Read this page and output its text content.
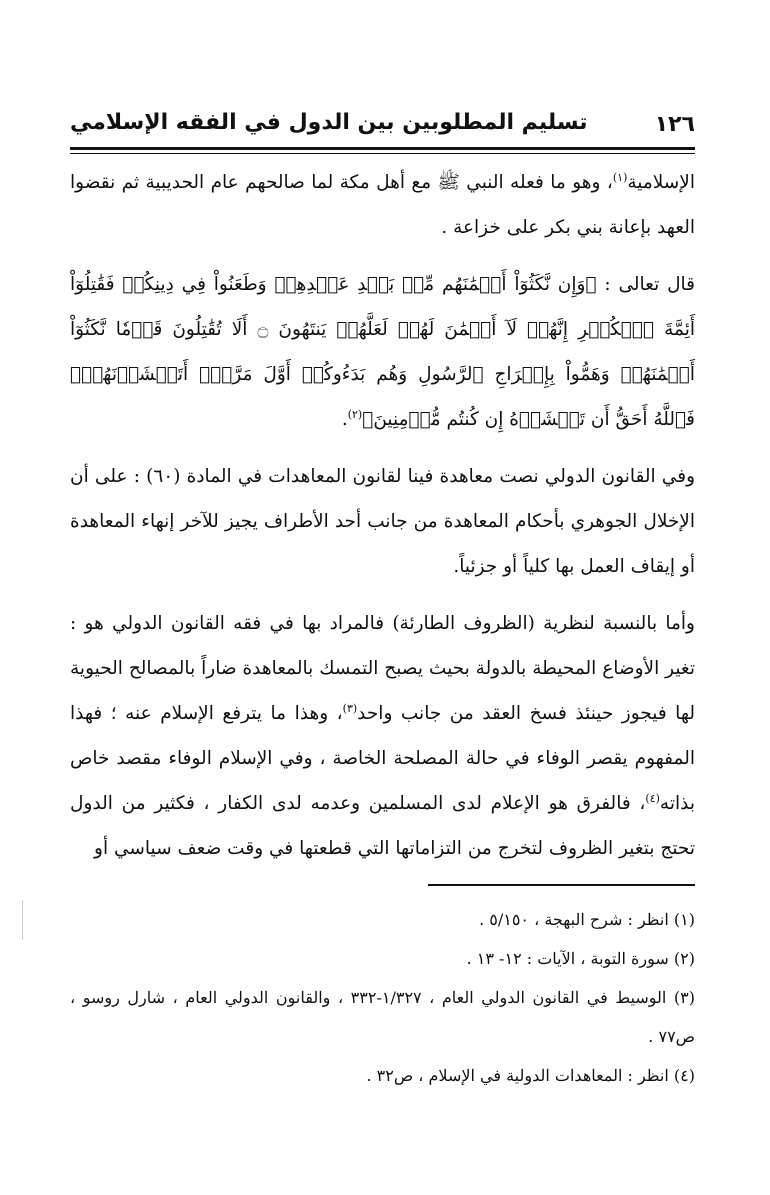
١٢٦
تسليم المطلوبين بين الدول في الفقه الإسلامي

الإسلامية$^{(١)}$، وهو ما فعله النبي ﷺ مع أهل مكة لما صالحهم عام الحديبية ثم نقضوا العهد بإعانة بني بكر على خزاعة .

قال تعالى : ﴿وَإِن نَّكَثُوٓاْ أَيۡمَٰنَهُم مِّنۢ بَعۡدِ عَهۡدِهِمۡ وَطَعَنُواْ فِي دِينِكُمۡ فَقَٰتِلُوٓاْ أَئِمَّةَ ٱلۡكُفۡرِ إِنَّهُمۡ لَآ أَيۡمَٰنَ لَهُمۡ لَعَلَّهُمۡ يَنتَهُونَ ۝ أَلَا تُقَٰتِلُونَ قَوۡمٗا نَّكَثُوٓاْ أَيۡمَٰنَهُمۡ وَهَمُّواْ بِإِخۡرَاجِ ٱلرَّسُولِ وَهُم بَدَءُوكُمۡ أَوَّلَ مَرَّةٍۚ أَتَخۡشَوۡنَهُمۡۚ فَٱللَّهُ أَحَقُّ أَن تَخۡشَوۡهُ إِن كُنتُم مُّؤۡمِنِينَ﴾$^{(٢)}$.

وفي القانون الدولي نصت معاهدة فينا لقانون المعاهدات في المادة (٦٠) : على أن الإخلال الجوهري بأحكام المعاهدة من جانب أحد الأطراف يجيز للآخر إنهاء المعاهدة أو إيقاف العمل بها كلياً أو جزئياً.

وأما بالنسبة لنظرية (الظروف الطارئة) فالمراد بها في فقه القانون الدولي هو : تغير الأوضاع المحيطة بالدولة بحيث يصبح التمسك بالمعاهدة ضاراً بالمصالح الحيوية لها فيجوز حينئذ فسخ العقد من جانب واحد$^{(٣)}$، وهذا ما يترفع الإسلام عنه ؛ فهذا المفهوم يقصر الوفاء في حالة المصلحة الخاصة ، وفي الإسلام الوفاء مقصد خاص بذاته$^{(٤)}$، فالفرق هو الإعلام لدى المسلمين وعدمه لدى الكفار ، فكثير من الدول تحتج بتغير الظروف لتخرج من التزاماتها التي قطعتها في وقت ضعف سياسي أو

(١) انظر : شرح البهجة ، ٥/١٥٠ .

(٢) سورة التوبة ، الآيات : ١٢- ١٣ .

(٣) الوسيط في القانون الدولي العام ، ١/٣٢٧-٣٣٢ ، والقانون الدولي العام ، شارل روسو ، ص٧٧ .

(٤) انظر : المعاهدات الدولية في الإسلام ، ص٣٢ .
